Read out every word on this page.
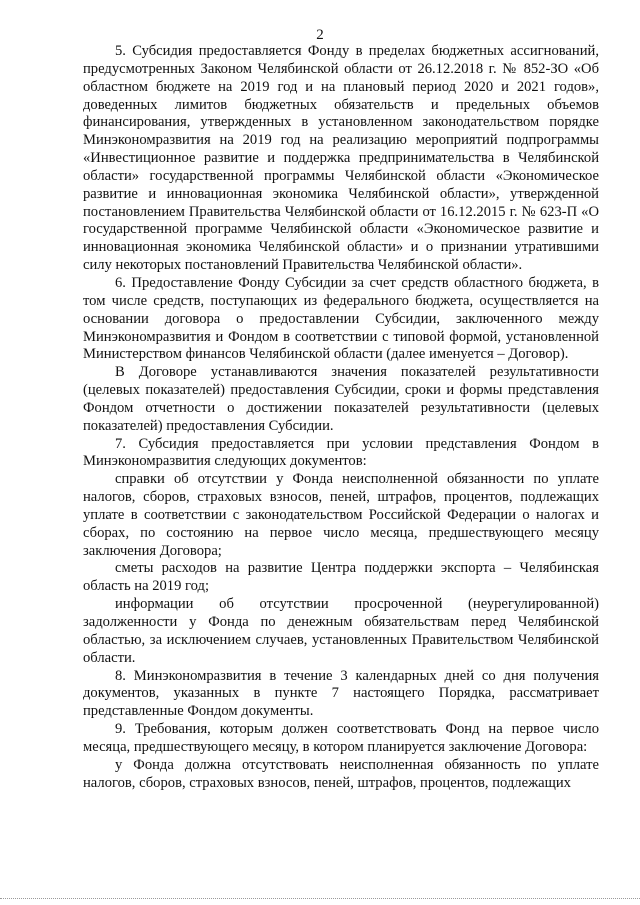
2

5. Субсидия предоставляется Фонду в пределах бюджетных ассигнований, предусмотренных Законом Челябинской области от 26.12.2018 г. № 852-ЗО «Об областном бюджете на 2019 год и на плановый период 2020 и 2021 годов», доведенных лимитов бюджетных обязательств и предельных объемов финансирования, утвержденных в установленном законодательством порядке Минэкономразвития на 2019 год на реализацию мероприятий подпрограммы «Инвестиционное развитие и поддержка предпринимательства в Челябинской области» государственной программы Челябинской области «Экономическое развитие и инновационная экономика Челябинской области», утвержденной постановлением Правительства Челябинской области от 16.12.2015 г. № 623-П «О государственной программе Челябинской области «Экономическое развитие и инновационная экономика Челябинской области» и о признании утратившими силу некоторых постановлений Правительства Челябинской области».

6. Предоставление Фонду Субсидии за счет средств областного бюджета, в том числе средств, поступающих из федерального бюджета, осуществляется на основании договора о предоставлении Субсидии, заключенного между Минэкономразвития и Фондом в соответствии с типовой формой, установленной Министерством финансов Челябинской области (далее именуется – Договор).

В Договоре устанавливаются значения показателей результативности (целевых показателей) предоставления Субсидии, сроки и формы представления Фондом отчетности о достижении показателей результативности (целевых показателей) предоставления Субсидии.

7. Субсидия предоставляется при условии представления Фондом в Минэкономразвития следующих документов:

справки об отсутствии у Фонда неисполненной обязанности по уплате налогов, сборов, страховых взносов, пеней, штрафов, процентов, подлежащих уплате в соответствии с законодательством Российской Федерации о налогах и сборах, по состоянию на первое число месяца, предшествующего месяцу заключения Договора;

сметы расходов на развитие Центра поддержки экспорта – Челябинская область на 2019 год;

информации об отсутствии просроченной (неурегулированной) задолженности у Фонда по денежным обязательствам перед Челябинской областью, за исключением случаев, установленных Правительством Челябинской области.

8. Минэкономразвития в течение 3 календарных дней со дня получения документов, указанных в пункте 7 настоящего Порядка, рассматривает представленные Фондом документы.

9. Требования, которым должен соответствовать Фонд на первое число месяца, предшествующего месяцу, в котором планируется заключение Договора:

у Фонда должна отсутствовать неисполненная обязанность по уплате налогов, сборов, страховых взносов, пеней, штрафов, процентов, подлежащих
